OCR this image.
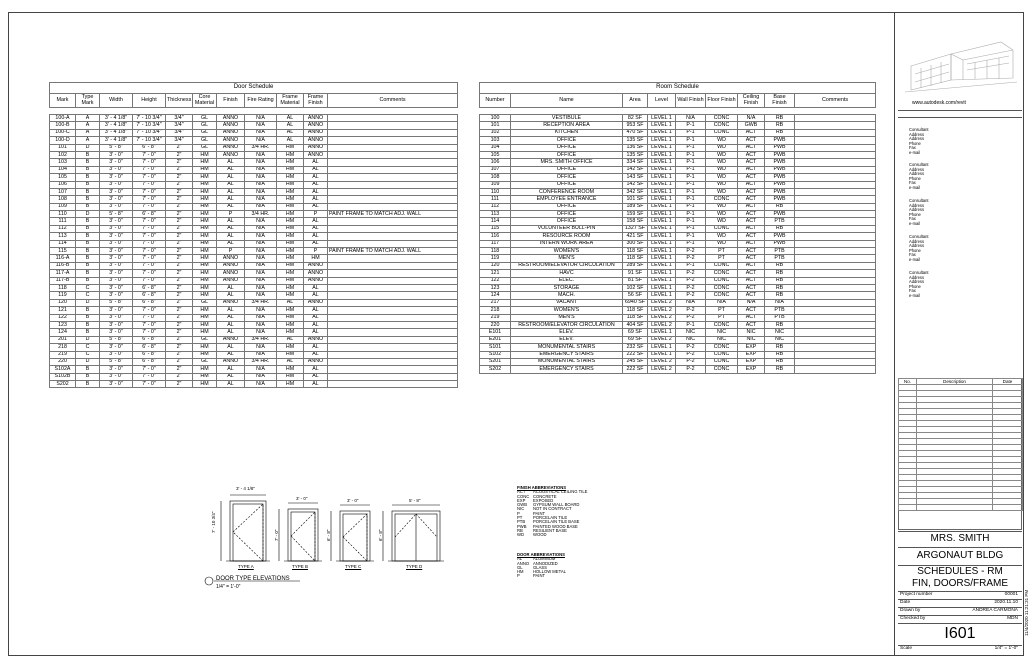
Door Schedule										
Mark	Type Mark	Width	Height	Thickness	Core Material	Finish	Fire Rating	Frame Material	Frame Finish	Comments

100-A	A	3' - 4 1/8"	7' - 10 3/4"	3/4"	GL	ANNO	N/A	AL	ANNO	
100-B	A	3' - 4 1/8"	7' - 10 3/4"	3/4"	GL	ANNO	N/A	AL	ANNO	
100-C	A	3' - 4 1/8"	7' - 10 3/4"	3/4"	GL	ANNO	N/A	AL	ANNO	
100-D	A	3' - 4 1/8"	7' - 10 3/4"	3/4"	GL	ANNO	N/A	AL	ANNO	
101	D	5' - 8"	6' - 8"	2"	GL	ANNO	3/4 HR.	HM	ANNO	
102	B	3' - 0"	7' - 0"	2"	HM	ANNO	N/A	HM	ANNO	
103	B	3' - 0"	7' - 0"	2"	HM	AL	N/A	HM	AL	
104	B	3' - 0"	7' - 0"	2"	HM	AL	N/A	HM	AL	
105	B	3' - 0"	7' - 0"	2"	HM	AL	N/A	HM	AL	
106	B	3' - 0"	7' - 0"	2"	HM	AL	N/A	HM	AL	
107	B	3' - 0"	7' - 0"	2"	HM	AL	N/A	HM	AL	
108	B	3' - 0"	7' - 0"	2"	HM	AL	N/A	HM	AL	
109	B	3' - 0"	7' - 0"	2"	HM	AL	N/A	HM	AL	
110	D	5' - 8"	6' - 8"	2"	HM	P	3/4 HR.	HM	P	PAINT FRAME TO MATCH ADJ. WALL
111	B	3' - 0"	7' - 0"	2"	HM	AL	N/A	HM	AL	
112	B	3' - 0"	7' - 0"	2"	HM	AL	N/A	HM	AL	
113	B	3' - 0"	7' - 0"	2"	HM	AL	N/A	HM	AL	
114	B	3' - 0"	7' - 0"	2"	HM	AL	N/A	HM	AL	
115	B	3' - 0"	7' - 0"	2"	HM	P	N/A	HM	P	PAINT FRAME TO MATCH ADJ. WALL
116-A	B	3' - 0"	7' - 0"	2"	HM	ANNO	N/A	HM	HM	
116-B	B	3' - 0"	7' - 0"	2"	HM	ANNO	N/A	HM	ANNO	
117-A	B	3' - 0"	7' - 0"	2"	HM	ANNO	N/A	HM	ANNO	
117-B	B	3' - 0"	7' - 0"	2"	HM	ANNO	N/A	HM	ANNO	
118	C	3' - 0"	6' - 8"	2"	HM	AL	N/A	HM	AL	
119	C	3' - 0"	6' - 8"	2"	HM	AL	N/A	HM	AL	
120	D	5' - 8"	6' - 8"	2"	GL	ANNO	3/4 HR.	AL	ANNO	
121	B	3' - 0"	7' - 0"	2"	HM	AL	N/A	HM	AL	
122	B	3' - 0"	7' - 0"	2"	HM	AL	N/A	HM	AL	
123	B	3' - 0"	7' - 0"	2"	HM	AL	N/A	HM	AL	
124	B	3' - 0"	7' - 0"	2"	HM	AL	N/A	HM	AL	
201	D	5' - 8"	6' - 8"	2"	GL	ANNO	3/4 HR.	AL	ANNO	
218	C	3' - 0"	6' - 8"	2"	HM	AL	N/A	HM	AL	
219	C	3' - 0"	6' - 8"	2"	HM	AL	N/A	HM	AL	
220	D	5' - 8"	6' - 8"	2"	GL	ANNO	3/4 HR.	AL	ANNO	
S102A	B	3' - 0"	7' - 0"	2"	HM	AL	N/A	HM	AL	
S102B	B	3' - 0"	7' - 0"	2"	HM	AL	N/A	HM	AL	
S202	B	3' - 0"	7' - 0"	2"	HM	AL	N/A	HM	AL	
Room Schedule								
Number	Name	Area	Level	Wall Finish	Floor Finish	Ceiling Finish	Base Finish	Comments

100	VESTIBULE	82 SF	LEVEL 1	N/A	CONC	N/A	RB	
101	RECEPTION AREA	953 SF	LEVEL 1	P-1	CONC	GWB	RB	
102	KITCHEN	470 SF	LEVEL 1	P-1	CONC	ACT	RB	
103	OFFICE	135 SF	LEVEL 1	P-1	WD	ACT	PWB	
104	OFFICE	136 SF	LEVEL 1	P-1	WD	ACT	PWB	
105	OFFICE	135 SF	LEVEL 1	P-1	WD	ACT	PWB	
106	MRS. SMITH OFFICE	334 SF	LEVEL 1	P-1	WD	ACT	PWB	
107	OFFICE	142 SF	LEVEL 1	P-1	WD	ACT	PWB	
108	OFFICE	143 SF	LEVEL 1	P-1	WD	ACT	PWB	
109	OFFICE	142 SF	LEVEL 1	P-1	WD	ACT	PWB	
110	CONFERENCE ROOM	342 SF	LEVEL 1	P-1	WD	ACT	PWB	
111	EMPLOYEE ENTRANCE	101 SF	LEVEL 1	P-1	CONC	ACT	PWB	
112	OFFICE	189 SF	LEVEL 1	P-1	WD	ACT	RB	
113	OFFICE	159 SF	LEVEL 1	P-1	WD	ACT	PWB	
114	OFFICE	158 SF	LEVEL 1	P-1	WD	ACT	PTB	
115	VOLUNTEER BULL-PIN	1327 SF	LEVEL 1	P-1	CONC	ACT	RB	
116	RESOURCE ROOM	421 SF	LEVEL 1	P-1	WD	ACT	PWB	
117	INTERN WORK AREA	300 SF	LEVEL 1	P-1	WD	ACT	PWB	
118	WOMEN'S	118 SF	LEVEL 1	P-2	PT	ACT	PTB	
119	MEN'S	118 SF	LEVEL 1	P-2	PT	ACT	PTB	
120	RESTROOM/ELEVATOR CIRCULATION	289 SF	LEVEL 1	P-1	CONC	ACT	RB	
121	HAVC	91 SF	LEVEL 1	P-2	CONC	ACT	RB	
122	ELEC.	81 SF	LEVEL 1	P-2	CONC	ACT	RB	
123	STORAGE	102 SF	LEVEL 1	P-2	CONC	ACT	RB	
124	MACH.	56 SF	LEVEL 1	P-2	CONC	ACT	RB	
217	VACANT	6940 SF	LEVEL 2	N/A	N/A	N/A	N/A	
218	WOMEN'S	118 SF	LEVEL 2	P-2	PT	ACT	PTB	
219	MEN'S	118 SF	LEVEL 2	P-2	PT	ACT	PTB	
220	RESTROOM/ELEVATOR CIRCULATION	404 SF	LEVEL 2	P-1	CONC	ACT	RB	
E101	ELEV.	69 SF	LEVEL 1	NIC	NIC	NIC	NIC	
E201	ELEV.	69 SF	LEVEL 2	NIC	NIC	NIC	NIC	
S101	MONUMENTAL STAIRS	232 SF	LEVEL 1	P-2	CONC	EXP	RB	
S102	EMERGENCY STAIRS	222 SF	LEVEL 1	P-2	CONC	EXP	RB	
S201	MONUMENTAL STAIRS	245 SF	LEVEL 2	P-2	CONC	EXP	RB	
S202	EMERGENCY STAIRS	222 SF	LEVEL 2	P-2	CONC	EXP	RB	
3' - 4 1/8"
7' - 10 3/4"
TYPE A
3' - 0"
7' - 0"
TYPE B
3' - 0"
6' - 8"
TYPE C
5' - 8"
6' - 8"
TYPE D
DOOR TYPE ELEVATIONS
1/4" = 1'-0"
FINISH ABBREVIATIONS
ACT ACOUSTICAL CEILING TILE
CONC CONCRETE
EXP EXPOSED
GWB GYPSUM WALL BOARD
NIC NOT IN CONTRACT
P	PAINT
PT	PORCELAIN TILE
PTB PORCELAIN TILE BASE
PWB PAINTED WOOD BASE
RB RESILIENT BASE
WD WOOD
DOOR ABBREVIATIONS
AL	ALUMINUM
ANNO ANNODIZED
GL GLASS
HM HOLLOW METAL
P	PAINT
www.autodesk.com/revit
Consultant
Address
Address
Phone
Fax
e-mail
Consultant
Address
Address
Phone
Fax
e-mail
Consultant
Address
Address
Phone
Fax
e-mail
Consultant
Address
Address
Phone
Fax
e-mail
Consultant
Address
Address
Phone
Fax
e-mail
No.	Description	Date

MRS. SMITH
ARGONAUT BLDG
SCHEDULES - RM
FIN, DOORS/FRAME
Project number	00001
Date	2020.11.10
Drawn by	ANDREA CARMONA
Checked by	MDN
I601
Scale	1/4" = 1'-0"
11/4/2020 11:21:31 PM
